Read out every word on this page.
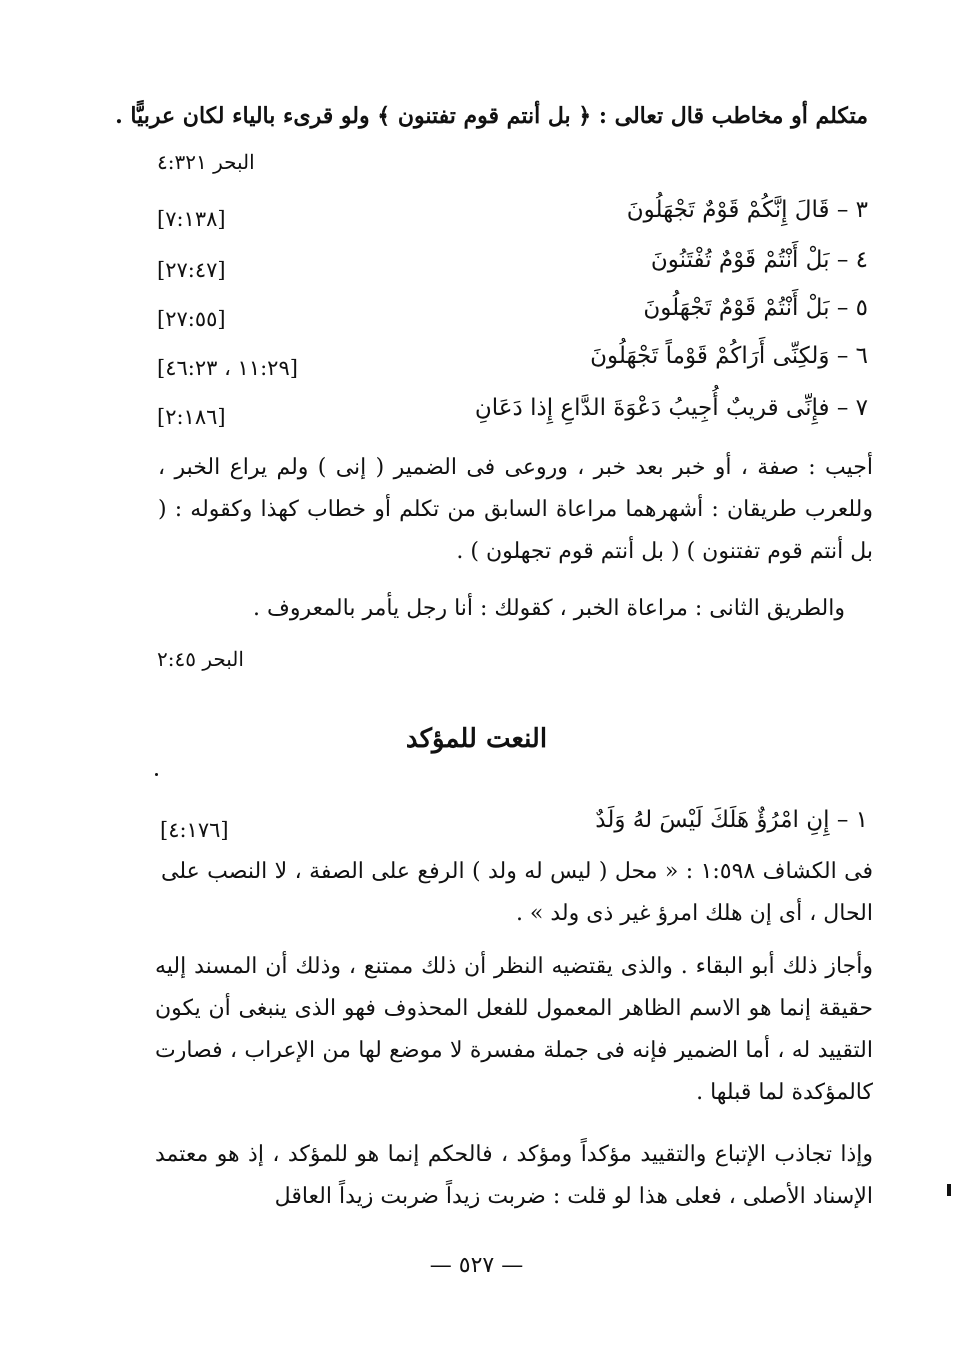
متكلم أو مخاطب قال تعالى : ﴿ بل أنتم قوم تفتنون ﴾ ولو قرىء بالياء لكان عربيًّا .
البحر ٤:٣٢١
٣ – قَالَ إِنَّكُمْ قَوْمٌ تَجْهَلُونَ
[٧:١٣٨]
٤ – بَلْ أَنْتُمْ قَوْمٌ تُفْتَنُونَ
[٢٧:٤٧]
٥ – بَلْ أَنْتُمْ قَوْمٌ تَجْهَلُونَ
[٢٧:٥٥]
٦ – وَلكِنِّى أَرَاكُمْ قَوْماً تَجْهَلُونَ
[١١:٢٩ ، ٤٦:٢٣]
٧ – فإِنِّى قريبٌ أُجِيبُ دَعْوَةَ الدَّاعِ إِذا دَعَانِ
[٢:١٨٦]

أجيب : صفة ، أو خبر بعد خبر ، وروعى فى الضمير ( إنى ) ولم يراع الخبر ، وللعرب طريقان : أشهرهما مراعاة السابق من تكلم أو خطاب كهذا وكقوله : ( بل أنتم قوم تفتنون ) ( بل أنتم قوم تجهلون ) .

والطريق الثانى : مراعاة الخبر ، كقولك : أنا رجل يأمر بالمعروف .
البحر ٢:٤٥
النعت للمؤكد
١ – إِنِ امْرُؤٌ هَلَكَ لَيْسَ لهُ وَلَدٌ
[٤:١٧٦]

فى الكشاف ١:٥٩٨ : « محل ( ليس له ولد ) الرفع على الصفة ، لا النصب على الحال ، أى إن هلك امرؤ غير ذى ولد » .

وأجاز ذلك أبو البقاء . والذى يقتضيه النظر أن ذلك ممتنع ، وذلك أن المسند إليه حقيقة إنما هو الاسم الظاهر المعمول للفعل المحذوف فهو الذى ينبغى أن يكون التقييد له ، أما الضمير فإنه فى جملة مفسرة لا موضع لها من الإعراب ، فصارت كالمؤكدة لما قبلها .

وإذا تجاذب الإتباع والتقييد مؤكداً ومؤكد ، فالحكم إنما هو للمؤكد ، إذ هو معتمد الإسناد الأصلى ، فعلى هذا لو قلت : ضربت زيداً ضربت زيداً العاقل

— ٥٢٧ —
